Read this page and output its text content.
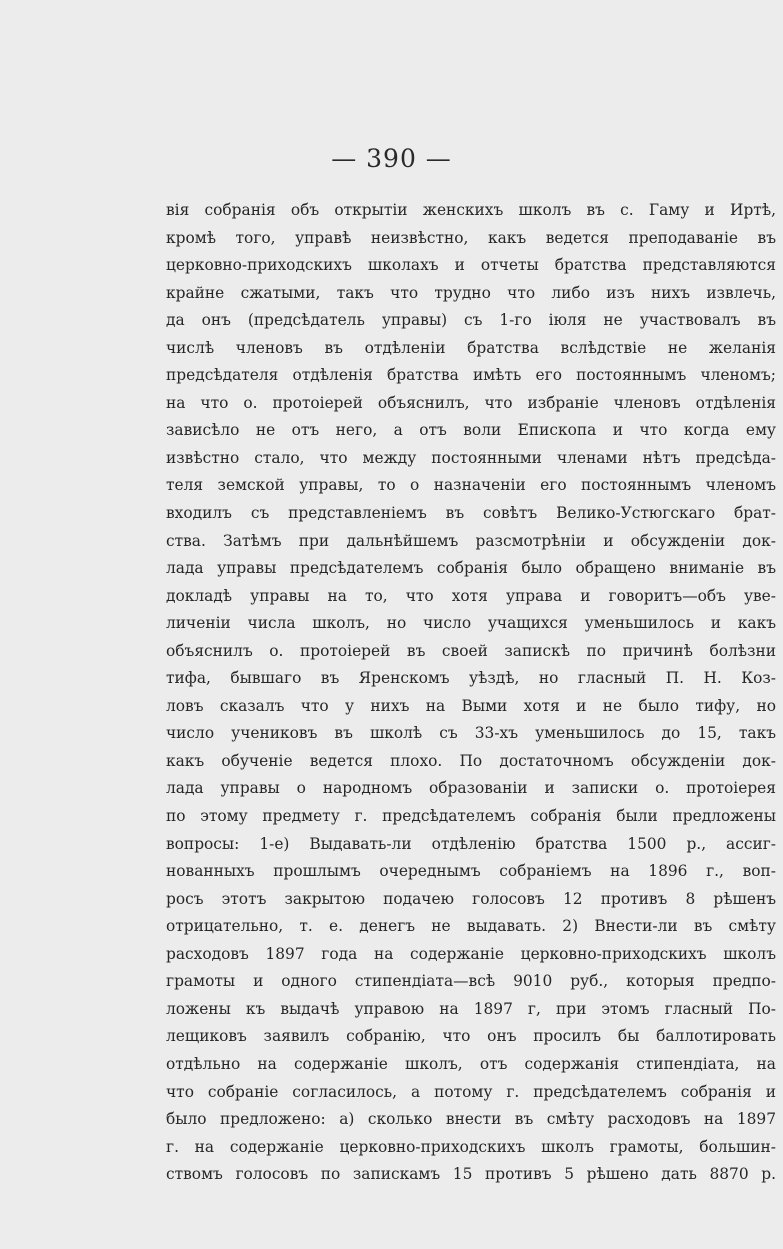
— 390 —
вія собранія объ открытіи женскихъ школъ въ с. Гаму и Иртѣ,
кромѣ того, управѣ неизвѣстно, какъ ведется преподаваніе въ
церковно-приходскихъ школахъ и отчеты братства представляются
крайне сжатыми, такъ что трудно что либо изъ нихъ извлечь,
да онъ (предсѣдатель управы) съ 1-го іюля не участвовалъ въ
числѣ членовъ въ отдѣленіи братства вслѣдствіе не желанія
предсѣдателя отдѣленія братства имѣть его постояннымъ членомъ;
на что о. протоіерей объяснилъ, что избраніе членовъ отдѣленія
зависѣло не отъ него, а отъ воли Епископа и что когда ему
извѣстно стало, что между постоянными членами нѣтъ предсѣда-
теля земской управы, то о назначеніи его постояннымъ членомъ
входилъ съ представленіемъ въ совѣтъ Велико-Устюгскаго брат-
ства. Затѣмъ при дальнѣйшемъ разсмотрѣніи и обсужденіи док-
лада управы предсѣдателемъ собранія было обращено вниманіе въ
докладѣ управы на то, что хотя управа и говоритъ—объ уве-
личеніи числа школъ, но число учащихся уменьшилось и какъ
объяснилъ о. протоіерей въ своей запискѣ по причинѣ болѣзни
тифа, бывшаго въ Яренскомъ уѣздѣ, но гласный П. Н. Коз-
ловъ сказалъ что у нихъ на Выми хотя и не было тифу, но
число учениковъ въ школѣ съ 33-хъ уменьшилось до 15, такъ
какъ обученіе ведется плохо. По достаточномъ обсужденіи док-
лада управы о народномъ образованіи и записки о. протоіерея
по этому предмету г. предсѣдателемъ собранія были предложены
вопросы: 1-е) Выдавать-ли отдѣленію братства 1500 р., ассиг-
нованныхъ прошлымъ очереднымъ собраніемъ на 1896 г., воп-
росъ этотъ закрытою подачею голосовъ 12 противъ 8 рѣшенъ
отрицательно, т. е. денегъ не выдавать. 2) Внести-ли въ смѣту
расходовъ 1897 года на содержаніе церковно-приходскихъ школъ
грамоты и одного стипендіата—всѣ 9010 руб., которыя предпо-
ложены къ выдачѣ управою на 1897 г, при этомъ гласный По-
лещиковъ заявилъ собранію, что онъ просилъ бы баллотировать
отдѣльно на содержаніе школъ, отъ содержанія стипендіата, на
что собраніе согласилось, а потому г. предсѣдателемъ собранія и
было предложено: а) сколько внести въ смѣту расходовъ на 1897
г. на содержаніе церковно-приходскихъ школъ грамоты, большин-
ствомъ голосовъ по запискамъ 15 противъ 5 рѣшено дать 8870 р.
